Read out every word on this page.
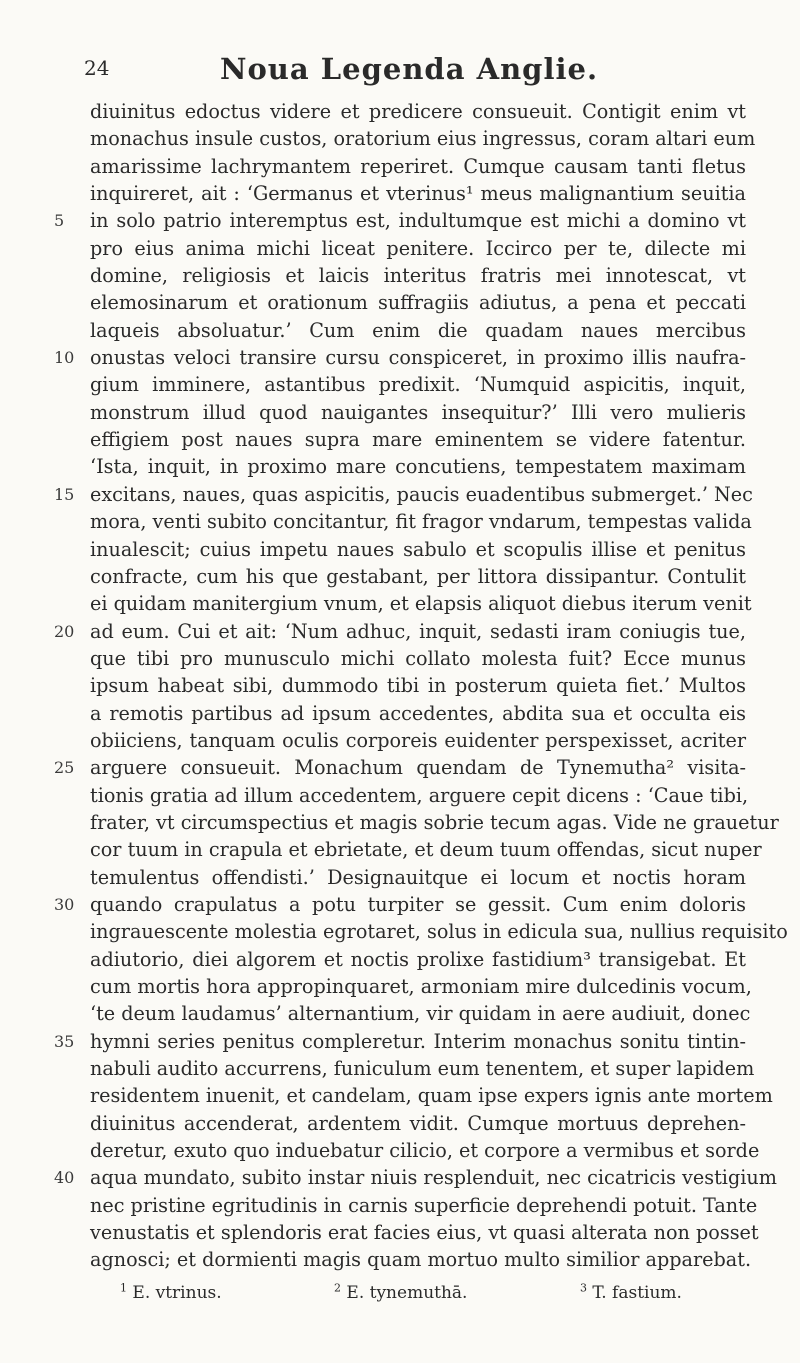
24	Noua Legenda Anglie.
diuinitus edoctus videre et predicere consueuit. Contigit enim vt
monachus insule custos, oratorium eius ingressus, coram altari eum
amarissime lachrymantem reperiret. Cumque causam tanti fletus
inquireret, ait : ‘Germanus et vterinus¹ meus malignantium seuitia
5 in solo patrio interemptus est, indultumque est michi a domino vt
pro eius anima michi liceat penitere. Iccirco per te, dilecte mi
domine, religiosis et laicis interitus fratris mei innotescat, vt
elemosinarum et orationum suffragiis adiutus, a pena et peccati
laqueis absoluatur.’ Cum enim die quadam naues mercibus
10 onustas veloci transire cursu conspiceret, in proximo illis naufra-
gium imminere, astantibus predixit. ‘Numquid aspicitis, inquit,
monstrum illud quod nauigantes insequitur?’ Illi vero mulieris
effigiem post naues supra mare eminentem se videre fatentur.
‘Ista, inquit, in proximo mare concutiens, tempestatem maximam
15 excitans, naues, quas aspicitis, paucis euadentibus submerget.’ Nec
mora, venti subito concitantur, fit fragor vndarum, tempestas valida
inualescit; cuius impetu naues sabulo et scopulis illise et penitus
confracte, cum his que gestabant, per littora dissipantur. Contulit
ei quidam manitergium vnum, et elapsis aliquot diebus iterum venit
20 ad eum. Cui et ait: ‘Num adhuc, inquit, sedasti iram coniugis tue,
que tibi pro munusculo michi collato molesta fuit? Ecce munus
ipsum habeat sibi, dummodo tibi in posterum quieta fiet.’ Multos
a remotis partibus ad ipsum accedentes, abdita sua et occulta eis
obiiciens, tanquam oculis corporeis euidenter perspexisset, acriter
25 arguere consueuit. Monachum quendam de Tynemutha² visita-
tionis gratia ad illum accedentem, arguere cepit dicens : ‘Caue tibi,
frater, vt circumspectius et magis sobrie tecum agas. Vide ne grauetur
cor tuum in crapula et ebrietate, et deum tuum offendas, sicut nuper
temulentus offendisti.’ Designauitque ei locum et noctis horam
30 quando crapulatus a potu turpiter se gessit. Cum enim doloris
ingrauescente molestia egrotaret, solus in edicula sua, nullius requisito
adiutorio, diei algorem et noctis prolixe fastidium³ transigebat. Et
cum mortis hora appropinquaret, armoniam mire dulcedinis vocum,
‘te deum laudamus’ alternantium, vir quidam in aere audiuit, donec
35 hymni series penitus compleretur. Interim monachus sonitu tintin-
nabuli audito accurrens, funiculum eum tenentem, et super lapidem
residentem inuenit, et candelam, quam ipse expers ignis ante mortem
diuinitus accenderat, ardentem vidit. Cumque mortuus deprehen-
deretur, exuto quo induebatur cilicio, et corpore a vermibus et sorde
40 aqua mundato, subito instar niuis resplenduit, nec cicatricis vestigium
nec pristine egritudinis in carnis superficie deprehendi potuit. Tante
venustatis et splendoris erat facies eius, vt quasi alterata non posset
agnosci; et dormienti magis quam mortuo multo similior apparebat.
$^1$ E. vtrinus.	$^2$ E. tynemuthā.	$^3$ T. fastium.
